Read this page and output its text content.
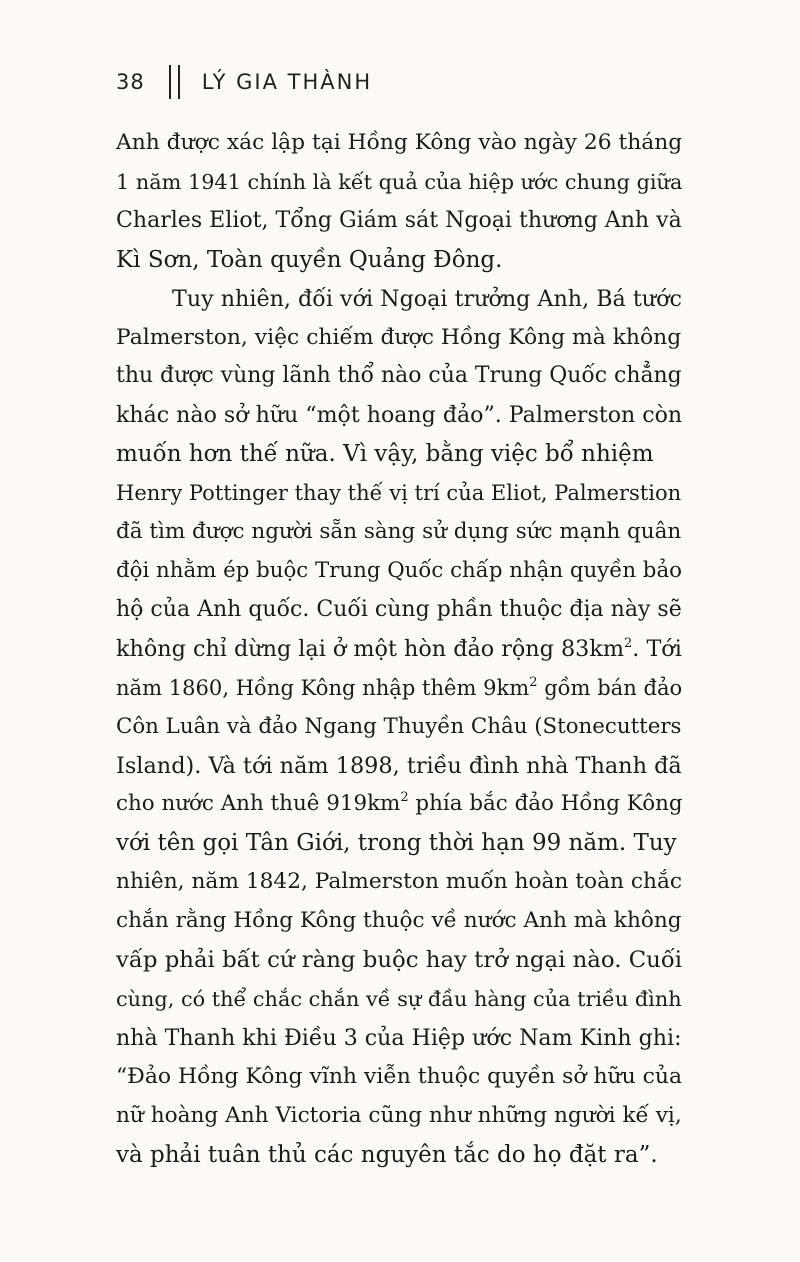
38	LÝ GIA THÀNH

Anh được xác lập tại Hồng Kông vào ngày 26 tháng
1 năm 1941 chính là kết quả của hiệp ước chung giữa
Charles Eliot, Tổng Giám sát Ngoại thương Anh và
Kì Sơn, Toàn quyền Quảng Đông.

Tuy nhiên, đối với Ngoại trưởng Anh, Bá tước
Palmerston, việc chiếm được Hồng Kông mà không
thu được vùng lãnh thổ nào của Trung Quốc chẳng
khác nào sở hữu “một hoang đảo”. Palmerston còn
muốn hơn thế nữa. Vì vậy, bằng việc bổ nhiệm
Henry Pottinger thay thế vị trí của Eliot, Palmerstion
đã tìm được người sẵn sàng sử dụng sức mạnh quân
đội nhằm ép buộc Trung Quốc chấp nhận quyền bảo
hộ của Anh quốc. Cuối cùng phần thuộc địa này sẽ
không chỉ dừng lại ở một hòn đảo rộng $83km^2$. Tới
năm 1860, Hồng Kông nhập thêm $9km^2$ gồm bán đảo
Côn Luân và đảo Ngang Thuyền Châu (Stonecutters
Island). Và tới năm 1898, triều đình nhà Thanh đã
cho nước Anh thuê $919km^2$ phía bắc đảo Hồng Kông
với tên gọi Tân Giới, trong thời hạn 99 năm. Tuy
nhiên, năm 1842, Palmerston muốn hoàn toàn chắc
chắn rằng Hồng Kông thuộc về nước Anh mà không
vấp phải bất cứ ràng buộc hay trở ngại nào. Cuối
cùng, có thể chắc chắn về sự đầu hàng của triều đình
nhà Thanh khi Điều 3 của Hiệp ước Nam Kinh ghi:
“Đảo Hồng Kông vĩnh viễn thuộc quyền sở hữu của
nữ hoàng Anh Victoria cũng như những người kế vị,
và phải tuân thủ các nguyên tắc do họ đặt ra”.
